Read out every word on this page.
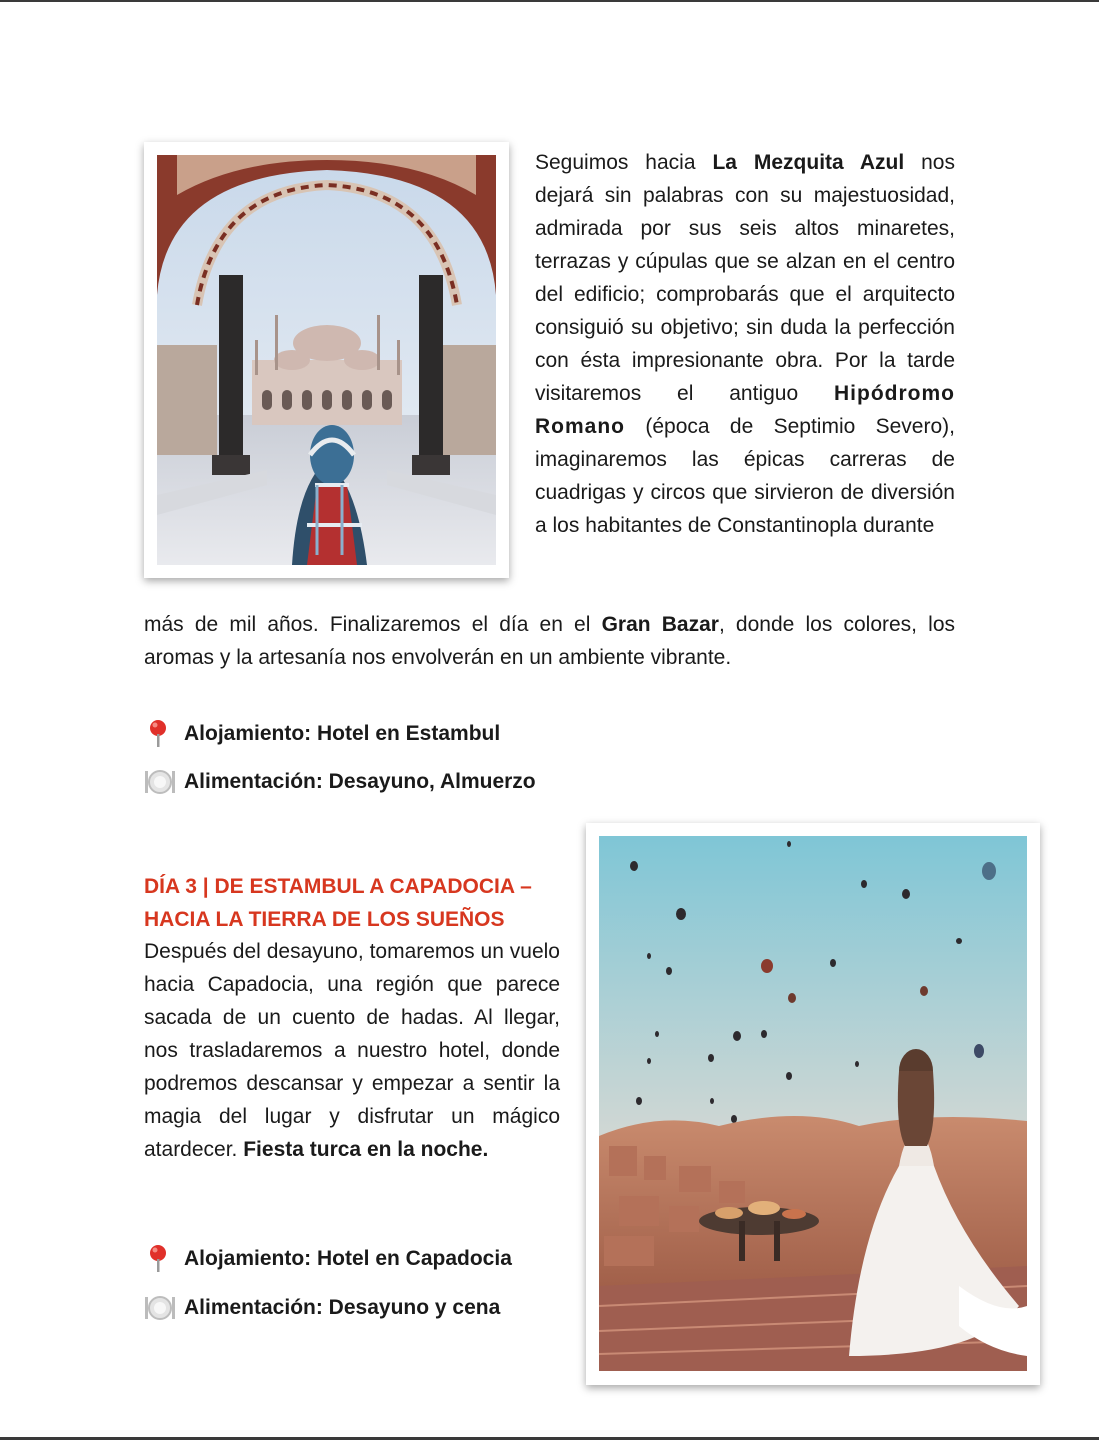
Seguimos hacia La Mezquita Azul nos dejará sin palabras con su majestuosidad, admirada por sus seis altos minaretes, terrazas y cúpulas que se alzan en el centro del edificio; comprobarás que el arquitecto consiguió su objetivo; sin duda la perfección con ésta impresionante obra. Por la tarde visitaremos el antiguo Hipódromo Romano (época de Septimio Severo), imaginaremos las épicas carreras de cuadrigas y circos que sirvieron de diversión a los habitantes de Constantinopla durante
más de mil años. Finalizaremos el día en el Gran Bazar, donde los colores, los aromas y la artesanía nos envolverán en un ambiente vibrante.
Alojamiento: Hotel en Estambul
Alimentación: Desayuno, Almuerzo
DÍA 3 | DE ESTAMBUL A CAPADOCIA – HACIA LA TIERRA DE LOS SUEÑOS
Después del desayuno, tomaremos un vuelo hacia Capadocia, una región que parece sacada de un cuento de hadas. Al llegar, nos trasladaremos a nuestro hotel, donde podremos descansar y empezar a sentir la magia del lugar y disfrutar un mágico atardecer. Fiesta turca en la noche.
Alojamiento: Hotel en Capadocia
Alimentación: Desayuno y cena
